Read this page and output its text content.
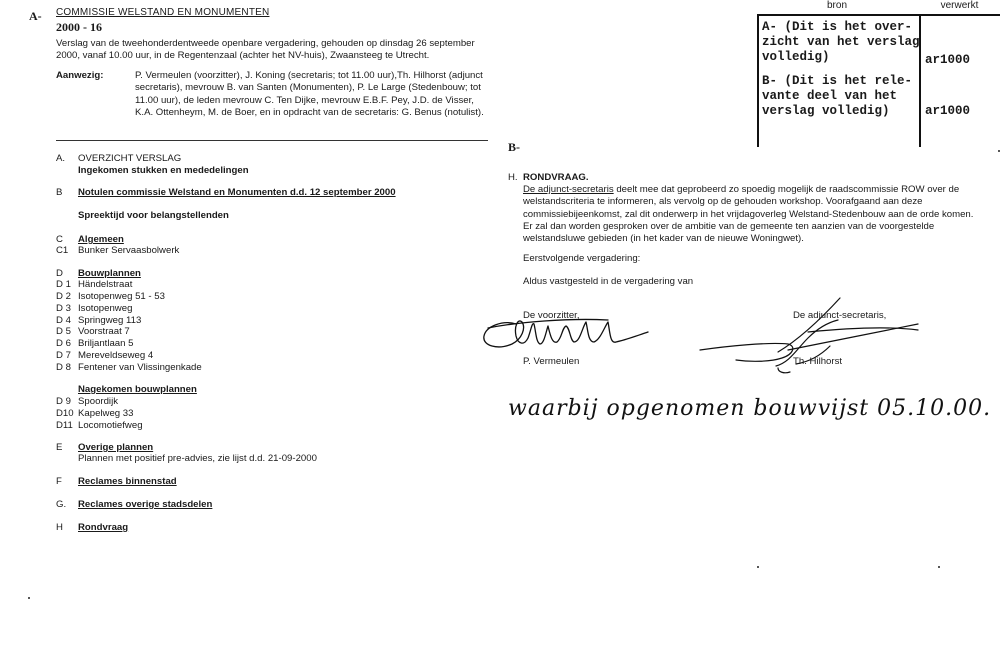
A-
B-
COMMISSIE WELSTAND EN MONUMENTEN
2000 - 16
Verslag van de tweehonderdentweede openbare vergadering, gehouden op dinsdag 26 september 2000, vanaf 10.00 uur, in de Regentenzaal (achter het NV-huis), Zwaansteeg te Utrecht.
Aanwezig:	P. Vermeulen (voorzitter), J. Koning (secretaris; tot 11.00 uur),Th. Hilhorst (adjunct secretaris), mevrouw B. van Santen (Monumenten), P. Le Large (Stedenbouw; tot 11.00 uur), de leden mevrouw C. Ten Dijke, mevrouw E.B.F. Pey, J.D. de Visser, K.A. Ottenheym, M. de Boer, en in opdracht van de secretaris: G. Benus (notulist).
A.	OVERZICHT VERSLAG
Ingekomen stukken en mededelingen
B	Notulen commissie Welstand en Monumenten d.d. 12 september 2000
Spreektijd voor belangstellenden
C	Algemeen
C1	Bunker Servaasbolwerk
D	Bouwplannen
D 1 Händelstraat
D 2 Isotopenweg 51 - 53
D 3 Isotopenweg
D 4 Springweg 113
D 5 Voorstraat 7
D 6 Briljantlaan 5
D 7 Mereveldseweg 4
D 8 Fentener van Vlissingenkade
Nagekomen bouwplannen
D 9 Spoordijk
D10 Kapelweg 33
D11 Locomotiefweg
E	Overige plannen
Plannen met positief pre-advies, zie lijst d.d. 21-09-2000
F	Reclames binnenstad
G.	Reclames overige stadsdelen
H	Rondvraag
H. RONDVRAAG.
De adjunct-secretaris deelt mee dat geprobeerd zo spoedig mogelijk de raadscommissie ROW over de welstandscriteria te informeren, als vervolg op de gehouden workshop. Voorafgaand aan deze commissiebijeenkomst, zal dit onderwerp in het vrijdagoverleg Welstand-Stedenbouw aan de orde komen. Er zal dan worden gesproken over de ambitie van de gemeente ten aanzien van de voorgestelde welstandsluwe gebieden (in het kader van de nieuwe Woningwet).
Eerstvolgende vergadering:
Aldus vastgesteld in de vergadering van
De voorzitter,	De adjunct-secretaris,
P. Vermeulen	Th. Hilhorst
waarbij opgenomen bouwvijst 05.10.00.
bron	verwerkt
A- (Dit is het over-
zicht van het verslag
volledig)	ar1000
B- (Dit is het rele-
vante deel van het
verslag volledig)	ar1000
